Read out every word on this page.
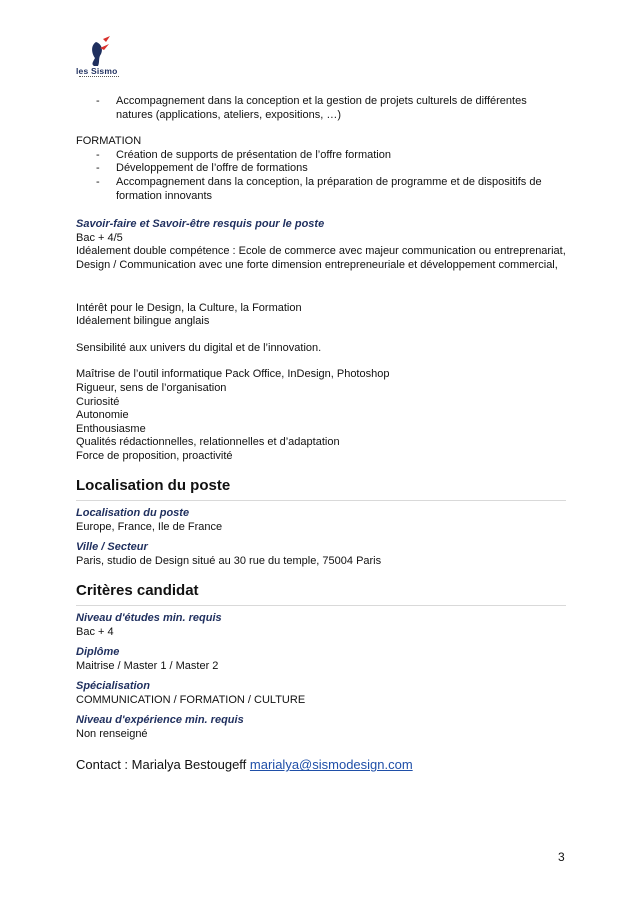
les Sismo
- Accompagnement dans la conception et la gestion de projets culturels de différentes natures (applications, ateliers, expositions, …)

FORMATION

- Création de supports de présentation de l’offre formation
- Développement de l’offre de formations
- Accompagnement dans la conception, la préparation de programme et de dispositifs de formation innovants

Savoir-faire et Savoir-être resquis pour le poste

Bac + 4/5

Idéalement double compétence : Ecole de commerce avec majeur communication ou entreprenariat, Design / Communication avec une forte dimension entrepreneuriale et développement commercial,

Intérêt pour le Design, la Culture, la Formation

Idéalement bilingue anglais

Sensibilité aux univers du digital et de l’innovation.

Maîtrise de l’outil informatique Pack Office, InDesign, Photoshop

Rigueur, sens de l’organisation

Curiosité

Autonomie

Enthousiasme

Qualités rédactionnelles, relationnelles et d’adaptation

Force de proposition, proactivité

Localisation du poste

Localisation du poste

Europe, France, Ile de France

Ville / Secteur

Paris, studio de Design situé au 30 rue du temple, 75004 Paris

Critères candidat

Niveau d'études min. requis

Bac + 4

Diplôme

Maitrise / Master 1 / Master 2

Spécialisation

COMMUNICATION / FORMATION / CULTURE

Niveau d'expérience min. requis

Non renseigné

Contact : Marialya Bestougeff marialya@sismodesign.com

3
